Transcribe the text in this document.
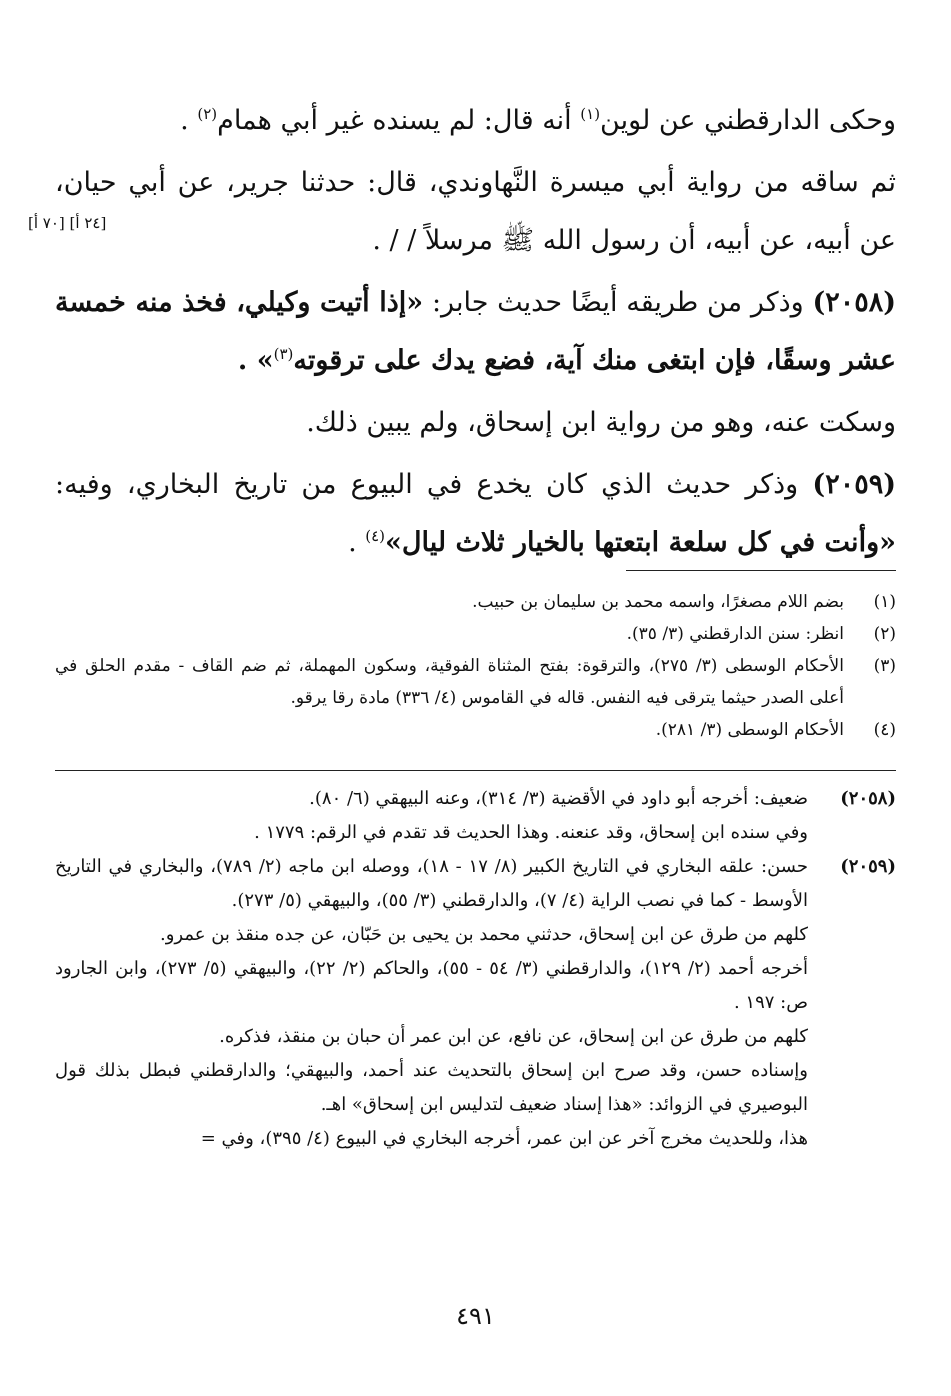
[٢٤ أ] [٧٠ أ]

وحكى الدارقطني عن لوين$^{(١)}$ أنه قال: لم يسنده غير أبي همام$^{(٢)}$ .

ثم ساقه من رواية أبي ميسرة النَّهاوندي، قال: حدثنا جرير، عن أبي حيان، عن أبيه، عن أبيه، أن رسول الله ﷺ مرسلاً / / .

(٢٠٥٨) وذكر من طريقه أيضًا حديث جابر: «إذا أتيت وكيلي، فخذ منه خمسة عشر وسقًا، فإن ابتغى منك آية، فضع يدك على ترقوته$^{(٣)}$» .

وسكت عنه، وهو من رواية ابن إسحاق، ولم يبين ذلك.

(٢٠٥٩) وذكر حديث الذي كان يخدع في البيوع من تاريخ البخاري، وفيه: «وأنت في كل سلعة ابتعتها بالخيار ثلاث ليال»$^{(٤)}$ .

(١)
بضم اللام مصغرًا، واسمه محمد بن سليمان بن حبيب.
(٢)
انظر: سنن الدارقطني (٣/ ٣٥).
(٣)
الأحكام الوسطى (٣/ ٢٧٥)، والترقوة: بفتح المثناة الفوقية، وسكون المهملة، ثم ضم القاف - مقدم الحلق في أعلى الصدر حيثما يترقى فيه النفس. قاله في القاموس (٤/ ٣٣٦) مادة رقا يرقو.
(٤)
الأحكام الوسطى (٣/ ٢٨١).
(٢٠٥٨)
ضعيف: أخرجه أبو داود في الأقضية (٣/ ٣١٤)، وعنه البيهقي (٦/ ٨٠).
وفي سنده ابن إسحاق، وقد عنعنه. وهذا الحديث قد تقدم في الرقم: ١٧٧٩ .
(٢٠٥٩)
حسن: علقه البخاري في التاريخ الكبير (٨/ ١٧ - ١٨)، ووصله ابن ماجه (٢/ ٧٨٩)، والبخاري في التاريخ الأوسط - كما في نصب الراية (٤/ ٧)، والدارقطني (٣/ ٥٥)، والبيهقي (٥/ ٢٧٣).
كلهم من طرق عن ابن إسحاق، حدثني محمد بن يحيى بن حَبّان، عن جده منقذ بن عمرو.
أخرجه أحمد (٢/ ١٢٩)، والدارقطني (٣/ ٥٤ - ٥٥)، والحاكم (٢/ ٢٢)، والبيهقي (٥/ ٢٧٣)، وابن الجارود ص: ١٩٧ .
كلهم من طرق عن ابن إسحاق، عن نافع، عن ابن عمر أن حبان بن منقذ، فذكره.
وإسناده حسن، وقد صرح ابن إسحاق بالتحديث عند أحمد، والبيهقي؛ والدارقطني فبطل بذلك قول البوصيري في الزوائد: «هذا إسناد ضعيف لتدليس ابن إسحاق» اهـ.
هذا، وللحديث مخرج آخر عن ابن عمر، أخرجه البخاري في البيوع (٤/ ٣٩٥)، وفي =
٤٩١
